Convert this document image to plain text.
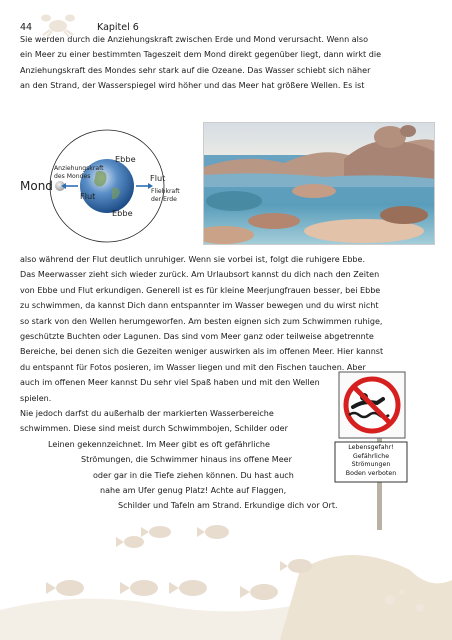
44	Kapitel 6
Sie werden durch die Anziehungskraft zwischen Erde und Mond verursacht. Wenn also
ein Meer zu einer bestimmten Tageszeit dem Mond direkt gegenüber liegt, dann wirkt die
Anziehungskraft des Mondes sehr stark auf die Ozeane. Das Wasser schiebt sich näher
an den Strand, der Wasserspiegel wird höher und das Meer hat größere Wellen. Es ist
Mond
Anziehungskraft
des Mondes
Ebbe
Ebbe
Flut
Flut
Fliehkraft
der Erde
also während der Flut deutlich unruhiger. Wenn sie vorbei ist, folgt die ruhigere Ebbe.
Das Meerwasser zieht sich wieder zurück. Am Urlaubsort kannst du dich nach den Zeiten
von Ebbe und Flut erkundigen. Generell ist es für kleine Meerjungfrauen besser, bei Ebbe
zu schwimmen, da kannst Dich dann entspannter im Wasser bewegen und du wirst nicht
so stark von den Wellen herumgeworfen. Am besten eignen sich zum Schwimmen ruhige,
geschützte Buchten oder Lagunen. Das sind vom Meer ganz oder teilweise abgetrennte
Bereiche, bei denen sich die Gezeiten weniger auswirken als im offenen Meer. Hier kannst
du entspannt für Fotos posieren, im Wasser liegen und mit den Fischen tauchen. Aber
auch im offenen Meer kannst Du sehr viel Spaß haben und mit den Wellen
spielen.
Nie jedoch darfst du außerhalb der markierten Wasserbereiche
schwimmen. Diese sind meist durch Schwimmbojen, Schilder oder
Leinen gekennzeichnet. Im Meer gibt es oft gefährliche
Strömungen, die Schwimmer hinaus ins offene Meer
oder gar in die Tiefe ziehen können. Du hast auch
nahe am Ufer genug Platz! Achte auf Flaggen,
Schilder und Tafeln am Strand. Erkundige dich vor Ort.
Lebensgefahr!
Gefährliche
Strömungen
Boden verboten
